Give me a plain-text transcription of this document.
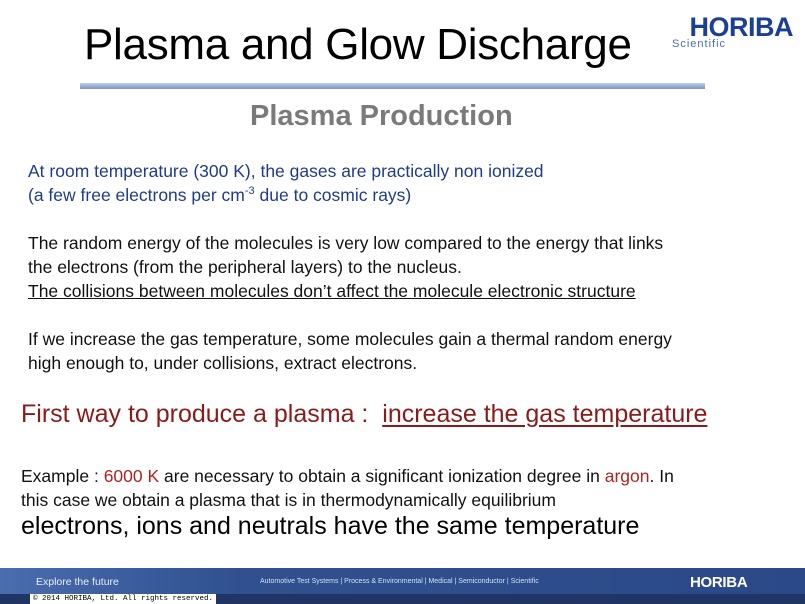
Plasma and Glow Discharge	Scientific
HORIBA
Plasma Production
At room temperature (300 K), the gases are practically non ionized
(a few free electrons per $cm^{-3}$ due to cosmic rays)
The random energy of the molecules is very low compared to the energy that links
the electrons (from the peripheral layers) to the nucleus.
The collisions between molecules don’t affect the molecule electronic structure
If we increase the gas temperature, some molecules gain a thermal random energy
high enough to, under collisions, extract electrons.
First way to produce a plasma :  increase the gas temperature
Example : 6000 K are necessary to obtain a significant ionization degree in argon. In
this case we obtain a plasma that is in thermodynamically equilibrium
electrons, ions and neutrals have the same temperature
Explore the future	Automotive Test Systems | Process & Environmental | Medical | Semiconductor | Scientific	HORIBA
© 2014 HORIBA, Ltd. All rights reserved.
